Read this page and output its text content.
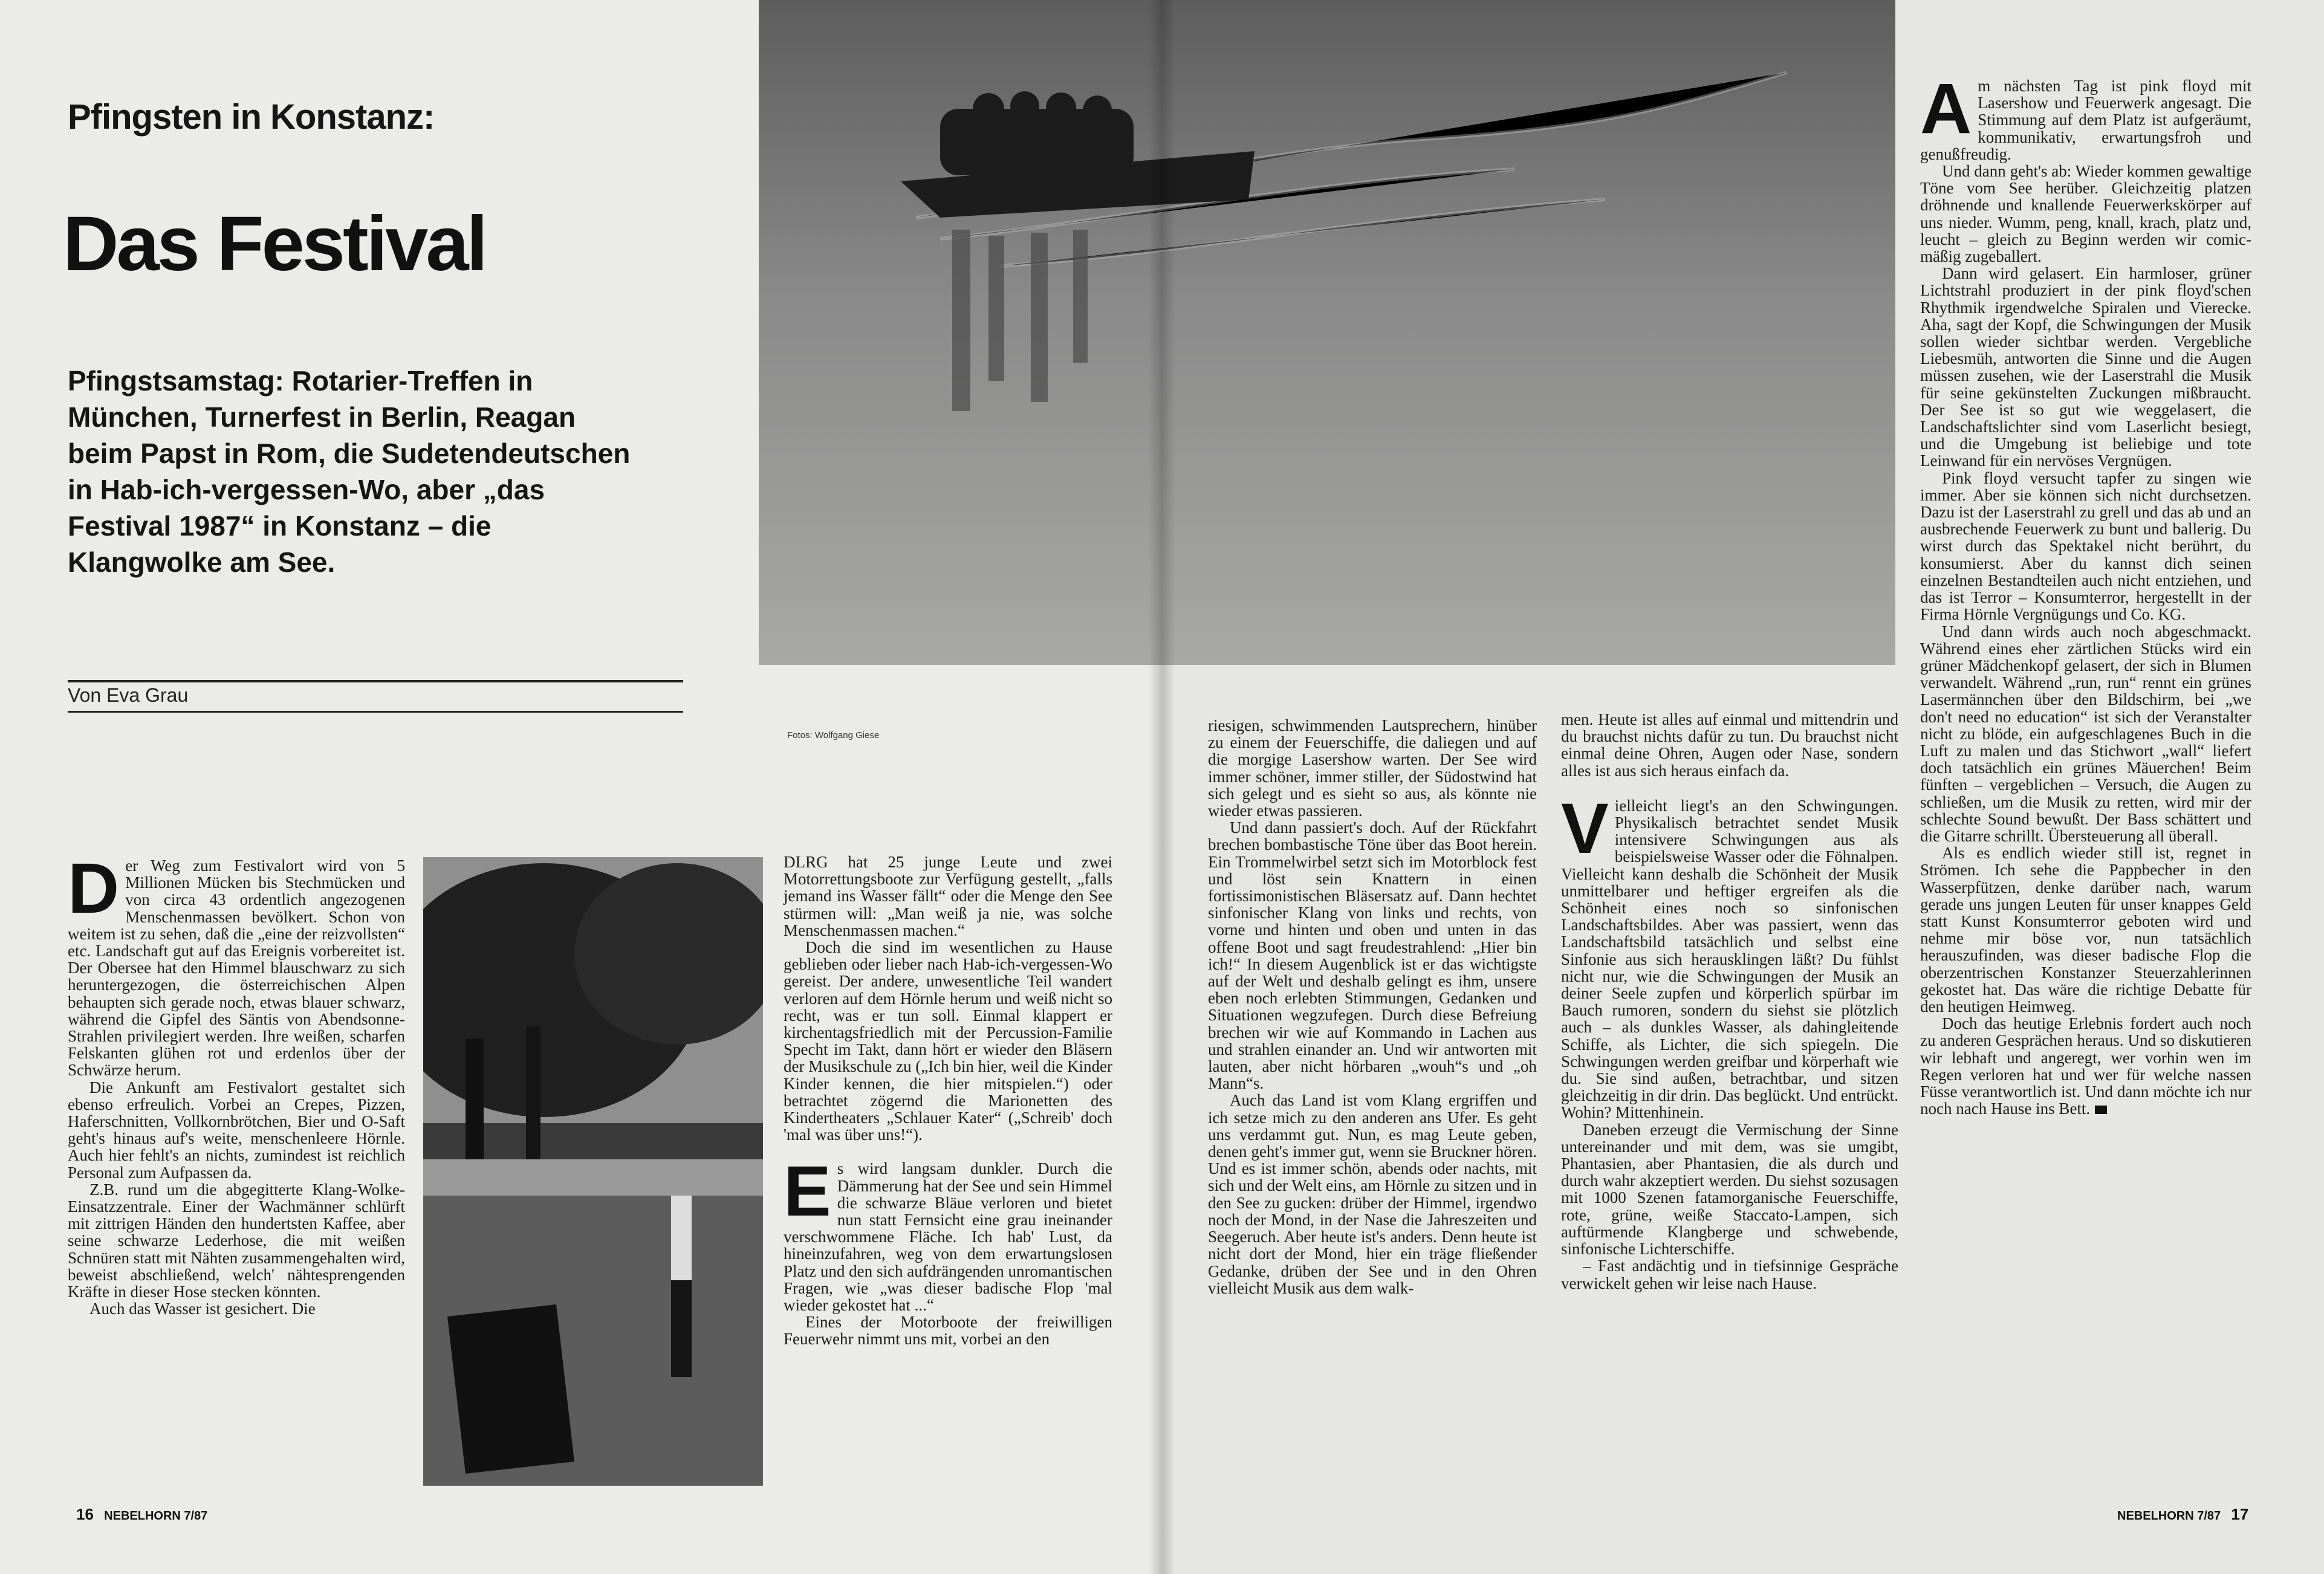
Pfingsten in Konstanz:
Das Festival
Pfingstsamstag: Rotarier-Treffen in
München, Turnerfest in Berlin, Reagan
beim Papst in Rom, die Sudetendeutschen
in Hab-ich-vergessen-Wo, aber „das
Festival 1987“ in Konstanz – die
Klangwolke am See.
Von Eva Grau
Fotos: Wolfgang Giese
D er Weg zum Festivalort wird von 5 Millionen Mücken bis Stechmücken und von circa 43 ordentlich angezogenen Menschenmassen bevölkert. Schon von weitem ist zu sehen, daß die „eine der reizvollsten“ etc. Landschaft gut auf das Ereignis vorbereitet ist. Der Obersee hat den Himmel blauschwarz zu sich heruntergezogen, die österreichischen Alpen behaupten sich gerade noch, etwas blauer schwarz, während die Gipfel des Säntis von Abendsonne-Strahlen privilegiert werden. Ihre weißen, scharfen Felskanten glühen rot und erdenlos über der Schwärze herum.

Die Ankunft am Festivalort gestaltet sich ebenso erfreulich. Vorbei an Crepes, Pizzen, Haferschnitten, Vollkornbrötchen, Bier und O-Saft geht's hinaus auf's weite, menschenleere Hörnle. Auch hier fehlt's an nichts, zumindest ist reichlich Personal zum Aufpassen da.

Z.B. rund um die abgegitterte Klang-Wolke-Einsatzzentrale. Einer der Wachmänner schlürft mit zittrigen Händen den hundertsten Kaffee, aber seine schwarze Lederhose, die mit weißen Schnüren statt mit Nähten zusammengehalten wird, beweist abschließend, welch' nähtesprengenden Kräfte in dieser Hose stecken könnten.

Auch das Wasser ist gesichert. Die

DLRG hat 25 junge Leute und zwei Motorrettungsboote zur Verfügung gestellt, „falls jemand ins Wasser fällt“ oder die Menge den See stürmen will: „Man weiß ja nie, was solche Menschenmassen machen.“

Doch die sind im wesentlichen zu Hause geblieben oder lieber nach Hab-ich-vergessen-Wo gereist. Der andere, unwesentliche Teil wandert verloren auf dem Hörnle herum und weiß nicht so recht, was er tun soll. Einmal klappert er kirchentagsfriedlich mit der Percussion-Familie Specht im Takt, dann hört er wieder den Bläsern der Musikschule zu („Ich bin hier, weil die Kinder Kinder kennen, die hier mitspielen.“) oder betrachtet zögernd die Marionetten des Kindertheaters „Schlauer Kater“ („Schreib' doch 'mal was über uns!“).

E s wird langsam dunkler. Durch die Dämmerung hat der See und sein Himmel die schwarze Bläue verloren und bietet nun statt Fernsicht eine grau ineinander verschwommene Fläche. Ich hab' Lust, da hineinzufahren, weg von dem erwartungslosen Platz und den sich aufdrängenden unromantischen Fragen, wie „was dieser badische Flop 'mal wieder gekostet hat ...“

Eines der Motorboote der freiwilligen Feuerwehr nimmt uns mit, vorbei an den

riesigen, schwimmenden Lautsprechern, hinüber zu einem der Feuerschiffe, die daliegen und auf die morgige Lasershow warten. Der See wird immer schöner, immer stiller, der Südostwind hat sich gelegt und es sieht so aus, als könnte nie wieder etwas passieren.

Und dann passiert's doch. Auf der Rückfahrt brechen bombastische Töne über das Boot herein. Ein Trommelwirbel setzt sich im Motorblock fest und löst sein Knattern in einen fortissimonistischen Bläsersatz auf. Dann hechtet sinfonischer Klang von links und rechts, von vorne und hinten und oben und unten in das offene Boot und sagt freudestrahlend: „Hier bin ich!“ In diesem Augenblick ist er das wichtigste auf der Welt und deshalb gelingt es ihm, unsere eben noch erlebten Stimmungen, Gedanken und Situationen wegzufegen. Durch diese Befreiung brechen wir wie auf Kommando in Lachen aus und strahlen einander an. Und wir antworten mit lauten, aber nicht hörbaren „wouh“s und „oh Mann“s.

Auch das Land ist vom Klang ergriffen und ich setze mich zu den anderen ans Ufer. Es geht uns verdammt gut. Nun, es mag Leute geben, denen geht's immer gut, wenn sie Bruckner hören. Und es ist immer schön, abends oder nachts, mit sich und der Welt eins, am Hörnle zu sitzen und in den See zu gucken: drüber der Himmel, irgendwo noch der Mond, in der Nase die Jahreszeiten und Seegeruch. Aber heute ist's anders. Denn heute ist nicht dort der Mond, hier ein träge fließender Gedanke, drüben der See und in den Ohren vielleicht Musik aus dem walk-

men. Heute ist alles auf einmal und mittendrin und du brauchst nichts dafür zu tun. Du brauchst nicht einmal deine Ohren, Augen oder Nase, sondern alles ist aus sich heraus einfach da.

V ielleicht liegt's an den Schwingungen. Physikalisch betrachtet sendet Musik intensivere Schwingungen aus als beispielsweise Wasser oder die Föhnalpen. Vielleicht kann deshalb die Schönheit der Musik unmittelbarer und heftiger ergreifen als die Schönheit eines noch so sinfonischen Landschaftsbildes. Aber was passiert, wenn das Landschaftsbild tatsächlich und selbst eine Sinfonie aus sich herausklingen läßt? Du fühlst nicht nur, wie die Schwingungen der Musik an deiner Seele zupfen und körperlich spürbar im Bauch rumoren, sondern du siehst sie plötzlich auch – als dunkles Wasser, als dahingleitende Schiffe, als Lichter, die sich spiegeln. Die Schwingungen werden greifbar und körperhaft wie du. Sie sind außen, betrachtbar, und sitzen gleichzeitig in dir drin. Das beglückt. Und entrückt. Wohin? Mittenhinein.

Daneben erzeugt die Vermischung der Sinne untereinander und mit dem, was sie umgibt, Phantasien, aber Phantasien, die als durch und durch wahr akzeptiert werden. Du siehst sozusagen mit 1000 Szenen fatamorganische Feuerschiffe, rote, grüne, weiße Staccato-Lampen, sich auftürmende Klangberge und schwebende, sinfonische Lichterschiffe.

– Fast andächtig und in tiefsinnige Gespräche verwickelt gehen wir leise nach Hause.

A m nächsten Tag ist pink floyd mit Lasershow und Feuerwerk angesagt. Die Stimmung auf dem Platz ist aufgeräumt, kommunikativ, erwartungsfroh und genußfreudig.

Und dann geht's ab: Wieder kommen gewaltige Töne vom See herüber. Gleichzeitig platzen dröhnende und knallende Feuerwerkskörper auf uns nieder. Wumm, peng, knall, krach, platz und, leucht – gleich zu Beginn werden wir comic-mäßig zugeballert.

Dann wird gelasert. Ein harmloser, grüner Lichtstrahl produziert in der pink floyd'schen Rhythmik irgendwelche Spiralen und Vierecke. Aha, sagt der Kopf, die Schwingungen der Musik sollen wieder sichtbar werden. Vergebliche Liebesmüh, antworten die Sinne und die Augen müssen zusehen, wie der Laserstrahl die Musik für seine gekünstelten Zuckungen mißbraucht. Der See ist so gut wie weggelasert, die Landschaftslichter sind vom Laserlicht besiegt, und die Umgebung ist beliebige und tote Leinwand für ein nervöses Vergnügen.

Pink floyd versucht tapfer zu singen wie immer. Aber sie können sich nicht durchsetzen. Dazu ist der Laserstrahl zu grell und das ab und an ausbrechende Feuerwerk zu bunt und ballerig. Du wirst durch das Spektakel nicht berührt, du konsumierst. Aber du kannst dich seinen einzelnen Bestandteilen auch nicht entziehen, und das ist Terror – Konsumterror, hergestellt in der Firma Hörnle Vergnügungs und Co. KG.

Und dann wirds auch noch abgeschmackt. Während eines eher zärtlichen Stücks wird ein grüner Mädchenkopf gelasert, der sich in Blumen verwandelt. Während „run, run“ rennt ein grünes Lasermännchen über den Bildschirm, bei „we don't need no education“ ist sich der Veranstalter nicht zu blöde, ein aufgeschlagenes Buch in die Luft zu malen und das Stichwort „wall“ liefert doch tatsächlich ein grünes Mäuerchen! Beim fünften – vergeblichen – Versuch, die Augen zu schließen, um die Musik zu retten, wird mir der schlechte Sound bewußt. Der Bass schättert und die Gitarre schrillt. Übersteuerung all überall.

Als es endlich wieder still ist, regnet in Strömen. Ich sehe die Pappbecher in den Wasserpfützen, denke darüber nach, warum gerade uns jungen Leuten für unser knappes Geld statt Kunst Konsumterror geboten wird und nehme mir böse vor, nun tatsächlich herauszufinden, was dieser badische Flop die oberzentrischen Konstanzer Steuerzahlerinnen gekostet hat. Das wäre die richtige Debatte für den heutigen Heimweg.

Doch das heutige Erlebnis fordert auch noch zu anderen Gesprächen heraus. Und so diskutieren wir lebhaft und angeregt, wer vorhin wen im Regen verloren hat und wer für welche nassen Füsse verantwortlich ist. Und dann möchte ich nur noch nach Hause ins Bett.

16 NEBELHORN 7/87	NEBELHORN 7/87 17
